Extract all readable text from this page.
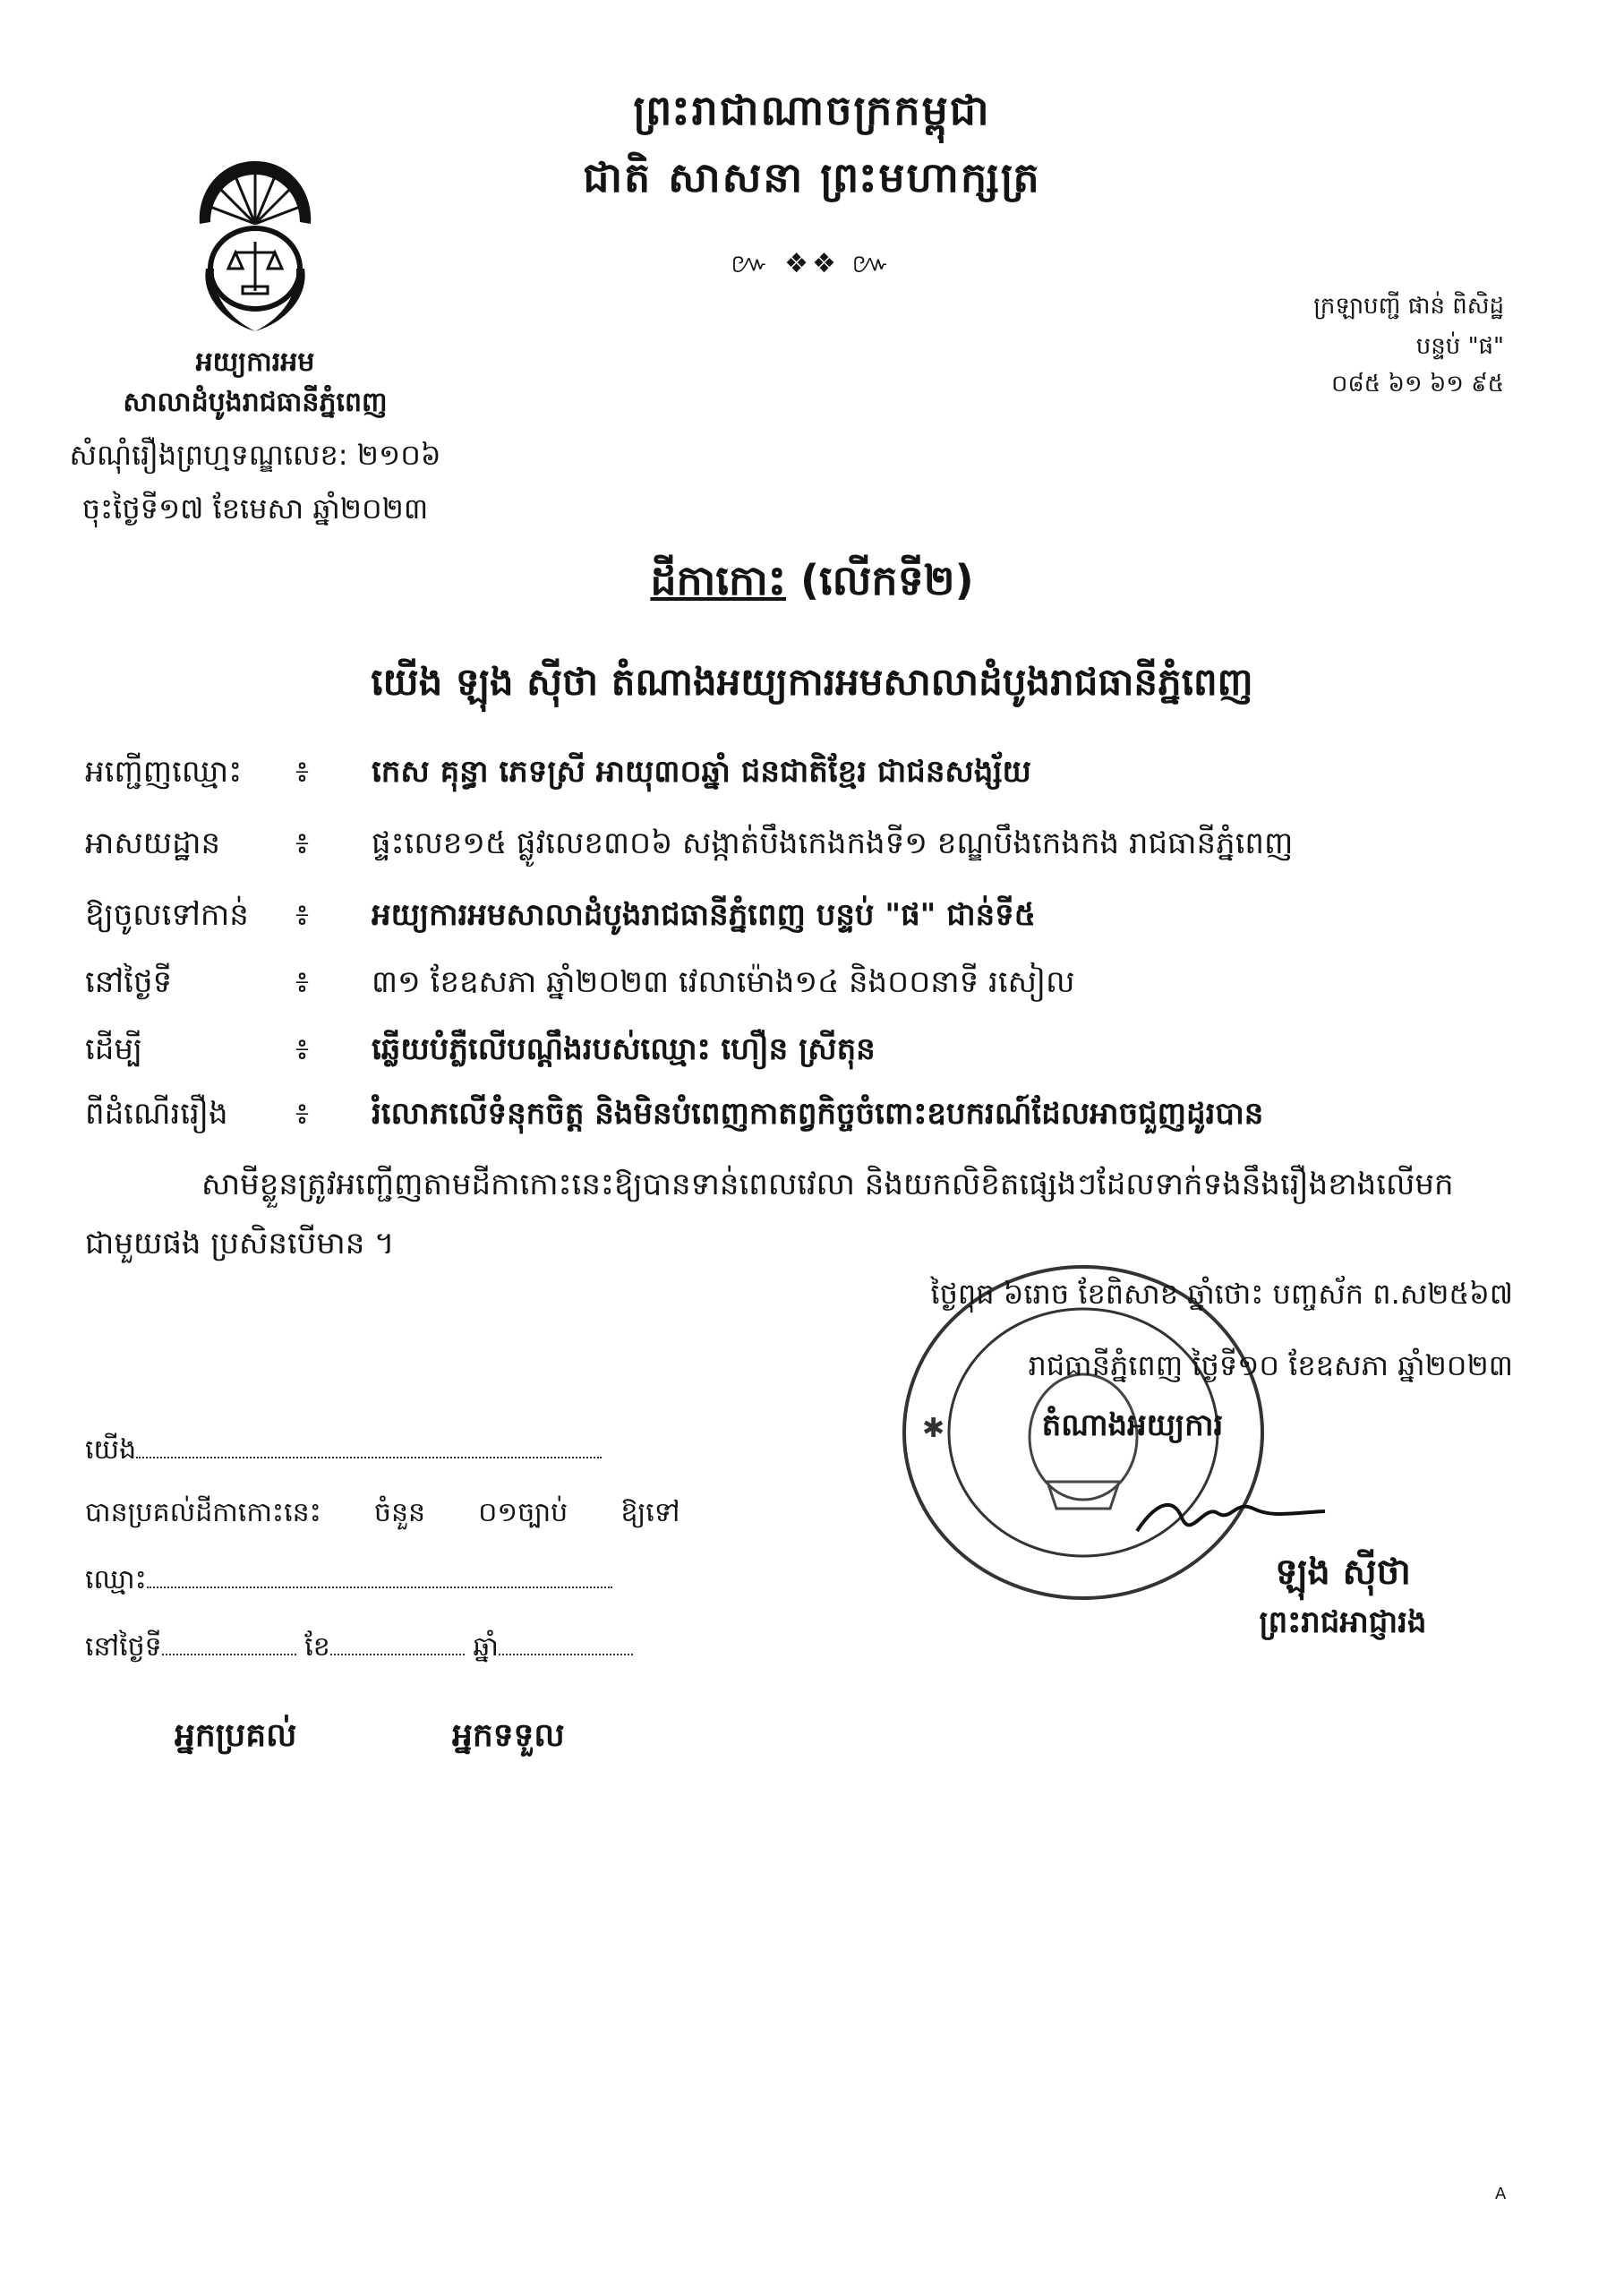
ព្រះរាជាណាចក្រកម្ពុជា
ជាតិ សាសនា ព្រះមហាក្សត្រ
៚ ❖❖ ៚
អយ្យការអម
សាលាដំបូងរាជធានីភ្នំពេញ
សំណុំរឿងព្រហ្មទណ្ឌលេខ: ២១០៦
ចុះថ្ងៃទី១៧ ខែមេសា ឆ្នាំ២០២៣
ក្រឡាបញ្ជី ផាន់ ពិសិដ្ឋ
បន្ទប់ "ផ"
០៨៥ ៦១ ៦១ ៩៥
ដីកាកោះ (លើកទី២)
យើង ឡុង ស៊ីថា តំណាងអយ្យការអមសាលាដំបូងរាជធានីភ្នំពេញ
អញ្ជើញឈ្មោះ ៖ កេស គុន្ធា ភេទស្រី អាយុ៣០ឆ្នាំ ជនជាតិខ្មែរ ជាជនសង្ស័យ
អាសយដ្ឋាន ៖ ផ្ទះលេខ១៥ ផ្លូវលេខ៣០៦ សង្កាត់បឹងកេងកងទី១ ខណ្ឌបឹងកេងកង រាជធានីភ្នំពេញ
ឱ្យចូលទៅកាន់ ៖ អយ្យការអមសាលាដំបូងរាជធានីភ្នំពេញ បន្ទប់ "ផ" ជាន់ទី៥
នៅថ្ងៃទី	៖ ៣១ ខែឧសភា ឆ្នាំ២០២៣ វេលាម៉ោង១៤ និង០០នាទី រសៀល
ដើម្បី	៖ ឆ្លើយបំភ្លឺលើបណ្តឹងរបស់ឈ្មោះ ហឿន ស្រីតុន
ពីដំណើររឿង ៖ រំលោភលើទំនុកចិត្ត និងមិនបំពេញកាតព្វកិច្ចចំពោះឧបករណ៍ដែលអាចជួញដូរបាន
សាមីខ្លួនត្រូវអញ្ជើញតាមដីកាកោះនេះឱ្យបានទាន់ពេលវេលា និងយកលិខិតផ្សេងៗដែលទាក់ទងនឹងរឿងខាងលើមកជាមួយផង ប្រសិនបើមាន ។
✱
ថ្ងៃពុធ ៦រោច ខែពិសាខ ឆ្នាំថោះ បញ្ចស័ក ព.ស២៥៦៧
រាជធានីភ្នំពេញ ថ្ងៃទី១០ ខែឧសភា ឆ្នាំ២០២៣
តំណាងអយ្យការ
ឡុង ស៊ីថា
ព្រះរាជអាជ្ញារង
យើង
បានប្រគល់ដីកាកោះនេះ ចំនួន ០១ច្បាប់ ឱ្យទៅ
ឈ្មោះ
នៅថ្ងៃទី	ខែ	ឆ្នាំ
អ្នកប្រគល់	អ្នកទទួល
A
